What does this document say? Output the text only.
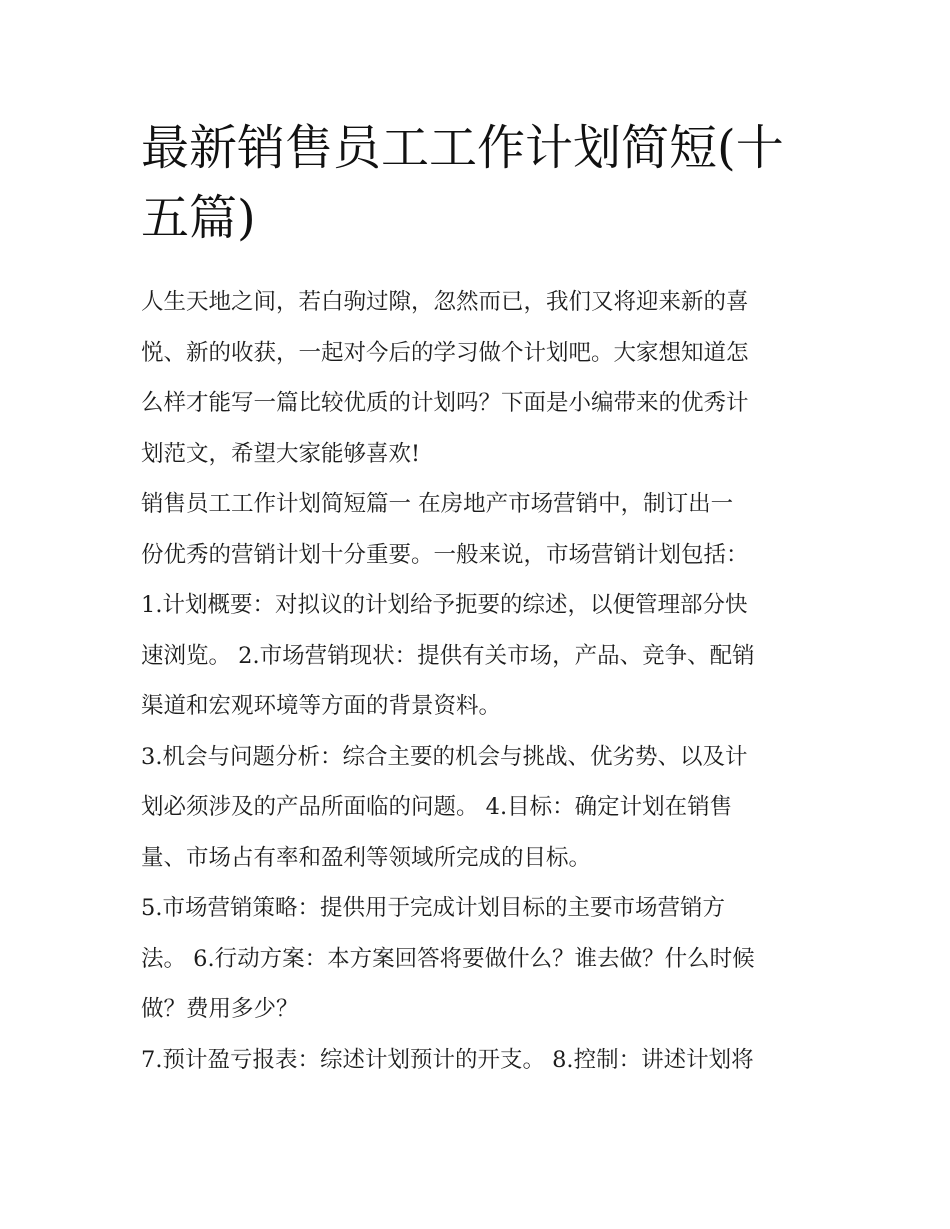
最新销售员工工作计划简短(十
五篇)
人生天地之间，若白驹过隙，忽然而已，我们又将迎来新的喜
悦、新的收获，一起对今后的学习做个计划吧。大家想知道怎
么样才能写一篇比较优质的计划吗？下面是小编带来的优秀计
划范文，希望大家能够喜欢!
销售员工工作计划简短篇一 在房地产市场营销中，制订出一
份优秀的营销计划十分重要。一般来说，市场营销计划包括：
1.计划概要：对拟议的计划给予扼要的综述，以便管理部分快
速浏览。 2.市场营销现状：提供有关市场，产品、竞争、配销
渠道和宏观环境等方面的背景资料。
3.机会与问题分析：综合主要的机会与挑战、优劣势、以及计
划必须涉及的产品所面临的问题。 4.目标：确定计划在销售
量、市场占有率和盈利等领域所完成的目标。
5.市场营销策略：提供用于完成计划目标的主要市场营销方
法。 6.行动方案：本方案回答将要做什么？谁去做？什么时候
做？费用多少？
7.预计盈亏报表：综述计划预计的开支。 8.控制：讲述计划将
